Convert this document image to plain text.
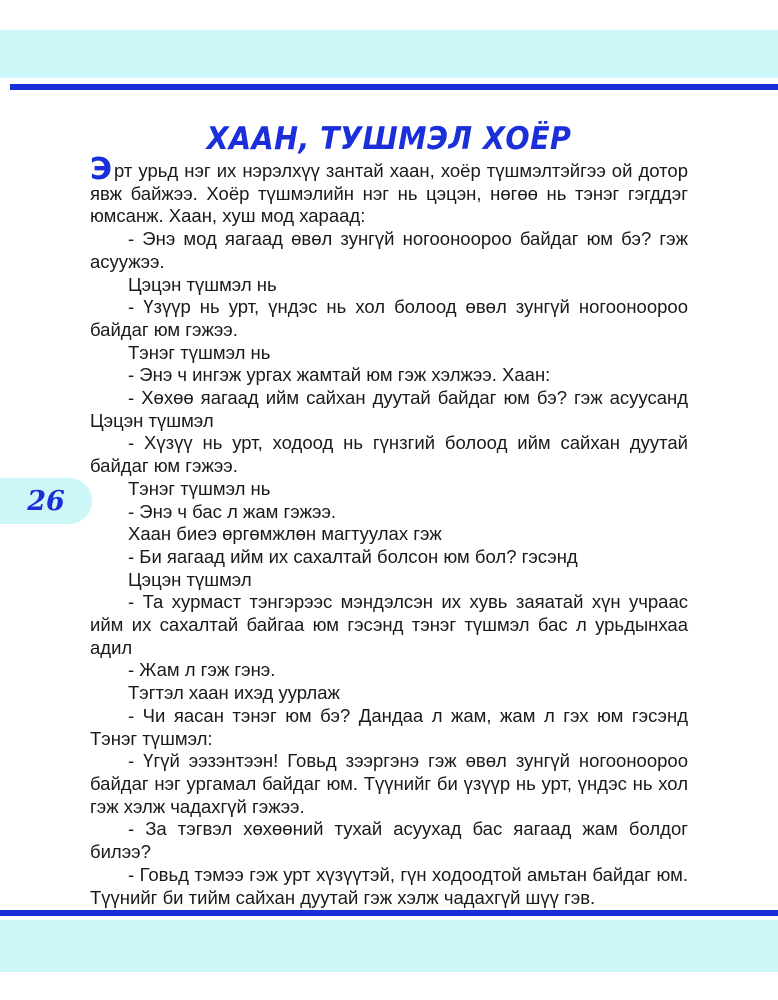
ХААН, ТУШМЭЛ ХОЁР

Эрт урьд нэг их нэрэлхүү зантай хаан, хоёр түшмэлтэйгээ ой дотор явж байжээ. Хоёр түшмэлийн нэг нь цэцэн, нөгөө нь тэнэг гэгддэг юмсанж. Хаан, хуш мод хараад:

- Энэ мод яагаад өвөл зунгүй ногооноороо байдаг юм бэ? гэж асуужээ.

Цэцэн түшмэл нь

- Үзүүр нь урт, үндэс нь хол болоод өвөл зунгүй ногооноороо байдаг юм гэжээ.

Тэнэг түшмэл нь

- Энэ ч ингэж ургах жамтай юм гэж хэлжээ. Хаан:

- Хөхөө яагаад ийм сайхан дуутай байдаг юм бэ? гэж асуусанд Цэцэн түшмэл

- Хүзүү нь урт, ходоод нь гүнзгий болоод ийм сайхан дуутай байдаг юм гэжээ.

Тэнэг түшмэл нь

- Энэ ч бас л жам гэжээ.

Хаан биеэ өргөмжлөн магтуулах гэж

- Би яагаад ийм их сахалтай болсон юм бол? гэсэнд

Цэцэн түшмэл

- Та хурмаст тэнгэрээс мэндэлсэн их хувь заяатай хүн учраас ийм их сахалтай байгаа юм гэсэнд тэнэг түшмэл бас л урьдынхаа адил

- Жам л гэж гэнэ.

Тэгтэл хаан ихэд уурлаж

- Чи яасан тэнэг юм бэ? Дандаа л жам, жам л гэх юм гэсэнд Тэнэг түшмэл:

- Үгүй ээзэнтээн! Говьд зээргэнэ гэж өвөл зунгүй ногооноороо байдаг нэг ургамал байдаг юм. Түүнийг би үзүүр нь урт, үндэс нь хол гэж хэлж чадахгүй гэжээ.

- За тэгвэл хөхөөний тухай асуухад бас яагаад жам болдог билээ?

- Говьд тэмээ гэж урт хүзүүтэй, гүн ходоодтой амьтан байдаг юм. Түүнийг би тийм сайхан дуутай гэж хэлж чадахгүй шүү гэв.

26
